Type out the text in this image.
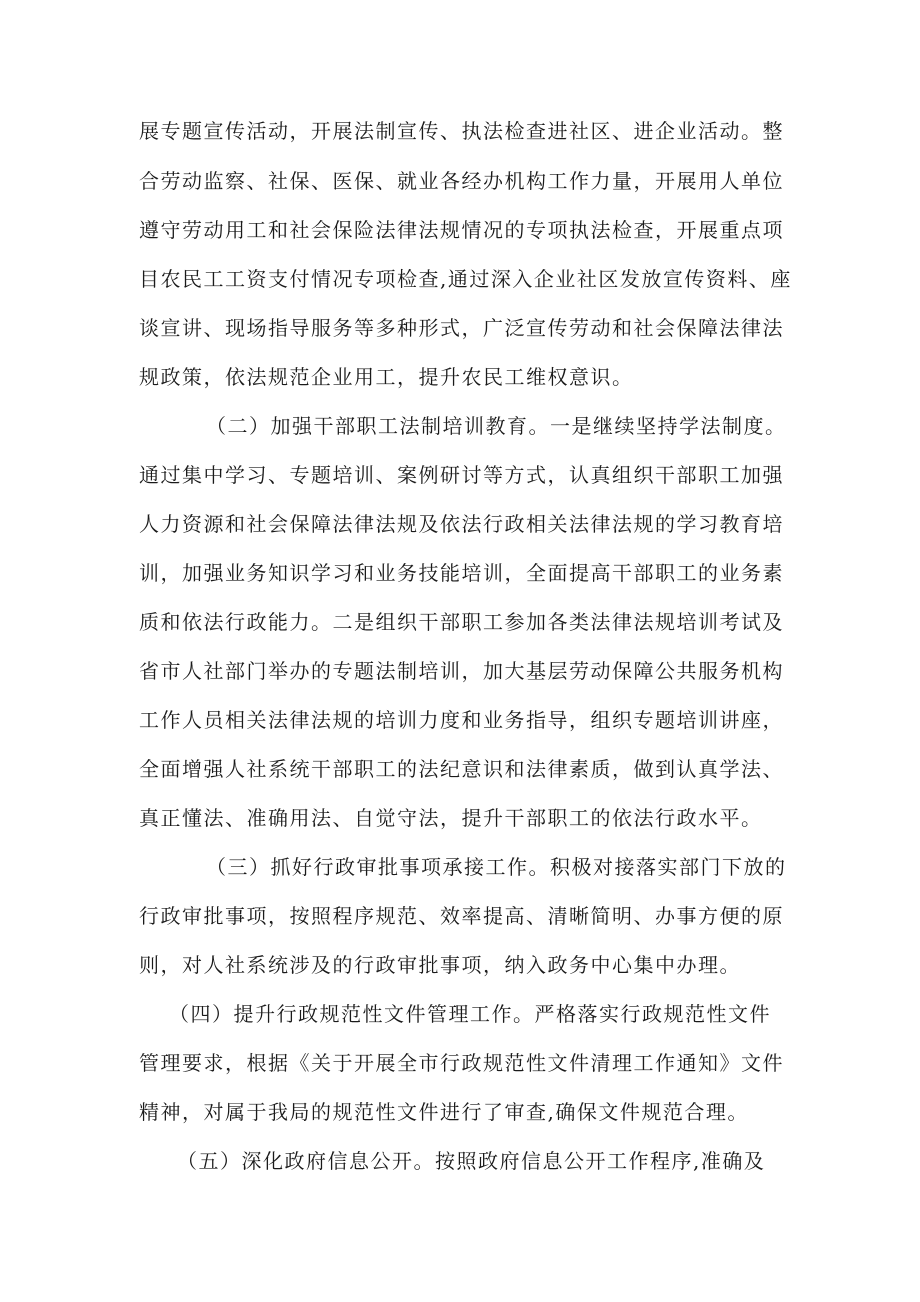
展专题宣传活动，开展法制宣传、执法检查进社区、进企业活动。整
合劳动监察、社保、医保、就业各经办机构工作力量，开展用人单位
遵守劳动用工和社会保险法律法规情况的专项执法检查，开展重点项
目农民工工资支付情况专项检查,通过深入企业社区发放宣传资料、座
谈宣讲、现场指导服务等多种形式，广泛宣传劳动和社会保障法律法
规政策，依法规范企业用工，提升农民工维权意识。
（二）加强干部职工法制培训教育。一是继续坚持学法制度。
通过集中学习、专题培训、案例研讨等方式，认真组织干部职工加强
人力资源和社会保障法律法规及依法行政相关法律法规的学习教育培
训，加强业务知识学习和业务技能培训，全面提高干部职工的业务素
质和依法行政能力。二是组织干部职工参加各类法律法规培训考试及
省市人社部门举办的专题法制培训，加大基层劳动保障公共服务机构
工作人员相关法律法规的培训力度和业务指导，组织专题培训讲座，
全面增强人社系统干部职工的法纪意识和法律素质，做到认真学法、
真正懂法、准确用法、自觉守法，提升干部职工的依法行政水平。
（三）抓好行政审批事项承接工作。积极对接落实部门下放的
行政审批事项，按照程序规范、效率提高、清晰简明、办事方便的原
则，对人社系统涉及的行政审批事项，纳入政务中心集中办理。
（四）提升行政规范性文件管理工作。严格落实行政规范性文件
管理要求，根据《关于开展全市行政规范性文件清理工作通知》文件
精神，对属于我局的规范性文件进行了审查,确保文件规范合理。
（五）深化政府信息公开。按照政府信息公开工作程序,准确及
